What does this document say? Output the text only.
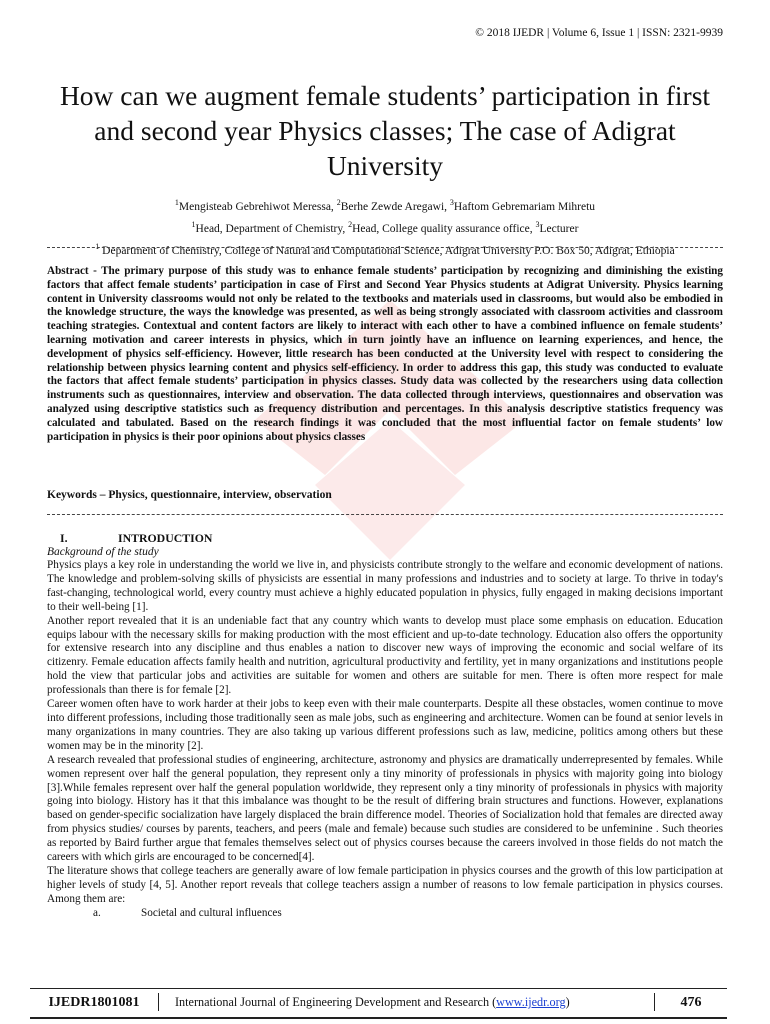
© 2018 IJEDR | Volume 6, Issue 1 | ISSN: 2321-9939
How can we augment female students’ participation in first and second year Physics classes; The case of Adigrat University
$^1$Mengisteab Gebrehiwot Meressa, $^2$Berhe Zewde Aregawi, $^3$Haftom Gebremariam Mihretu
$^1$Head, Department of Chemistry, $^2$Head, College quality assurance office, $^3$Lecturer
$^1$ Department of Chemistry, College of Natural and Computational Science, Adigrat University P.O. Box 50, Adigrat, Ethiopia

Abstract - The primary purpose of this study was to enhance female students’ participation by recognizing and diminishing the existing factors that affect female students’ participation in case of First and Second Year Physics students at Adigrat University. Physics learning content in University classrooms would not only be related to the textbooks and materials used in classrooms, but would also be embodied in the knowledge structure, the ways the knowledge was presented, as well as being strongly associated with classroom activities and classroom teaching strategies. Contextual and content factors are likely to interact with each other to have a combined influence on female students’ learning motivation and career interests in physics, which in turn jointly have an influence on learning experiences, and hence, the development of physics self-efficiency. However, little research has been conducted at the University level with respect to considering the relationship between physics learning content and physics self-efficiency. In order to address this gap, this study was conducted to evaluate the factors that affect female students’ participation in physics classes. Study data was collected by the researchers using data collection instruments such as questionnaires, interview and observation. The data collected through interviews, questionnaires and observation was analyzed using descriptive statistics such as frequency distribution and percentages. In this analysis descriptive statistics frequency was calculated and tabulated. Based on the research findings it was concluded that the most influential factor on female students’ low participation in physics is their poor opinions about physics classes

Keywords – Physics, questionnaire, interview, observation
I.	INTRODUCTION
Background of the study

Physics plays a key role in understanding the world we live in, and physicists contribute strongly to the welfare and economic development of nations. The knowledge and problem-solving skills of physicists are essential in many professions and industries and to society at large. To thrive in today's fast-changing, technological world, every country must achieve a highly educated population in physics, fully engaged in making decisions important to their well-being [1].

Another report revealed that it is an undeniable fact that any country which wants to develop must place some emphasis on education. Education equips labour with the necessary skills for making production with the most efficient and up-to-date technology. Education also offers the opportunity for extensive research into any discipline and thus enables a nation to discover new ways of improving the economic and social welfare of its citizenry. Female education affects family health and nutrition, agricultural productivity and fertility, yet in many organizations and institutions people hold the view that particular jobs and activities are suitable for women and others are suitable for men. There is often more respect for male professionals than there is for female [2].

Career women often have to work harder at their jobs to keep even with their male counterparts. Despite all these obstacles, women continue to move into different professions, including those traditionally seen as male jobs, such as engineering and architecture. Women can be found at senior levels in many organizations in many countries. They are also taking up various different professions such as law, medicine, politics among others but these women may be in the minority [2].

A research revealed that professional studies of engineering, architecture, astronomy and physics are dramatically underrepresented by females. While women represent over half the general population, they represent only a tiny minority of professionals in physics with majority going into biology [3].While females represent over half the general population worldwide, they represent only a tiny minority of professionals in physics with majority going into biology. History has it that this imbalance was thought to be the result of differing brain structures and functions. However, explanations based on gender-specific socialization have largely displaced the brain difference model. Theories of Socialization hold that females are directed away from physics studies/ courses by parents, teachers, and peers (male and female) because such studies are considered to be unfeminine . Such theories as reported by Baird further argue that females themselves select out of physics courses because the careers involved in those fields do not match the careers with which girls are encouraged to be concerned[4].

The literature shows that college teachers are generally aware of low female participation in physics courses and the growth of this low participation at higher levels of study [4, 5]. Another report reveals that college teachers assign a number of reasons to low female participation in physics courses. Among them are:

a.	Societal and cultural influences

IJEDR1801081	International Journal of Engineering Development and Research (www.ijedr.org)	476
